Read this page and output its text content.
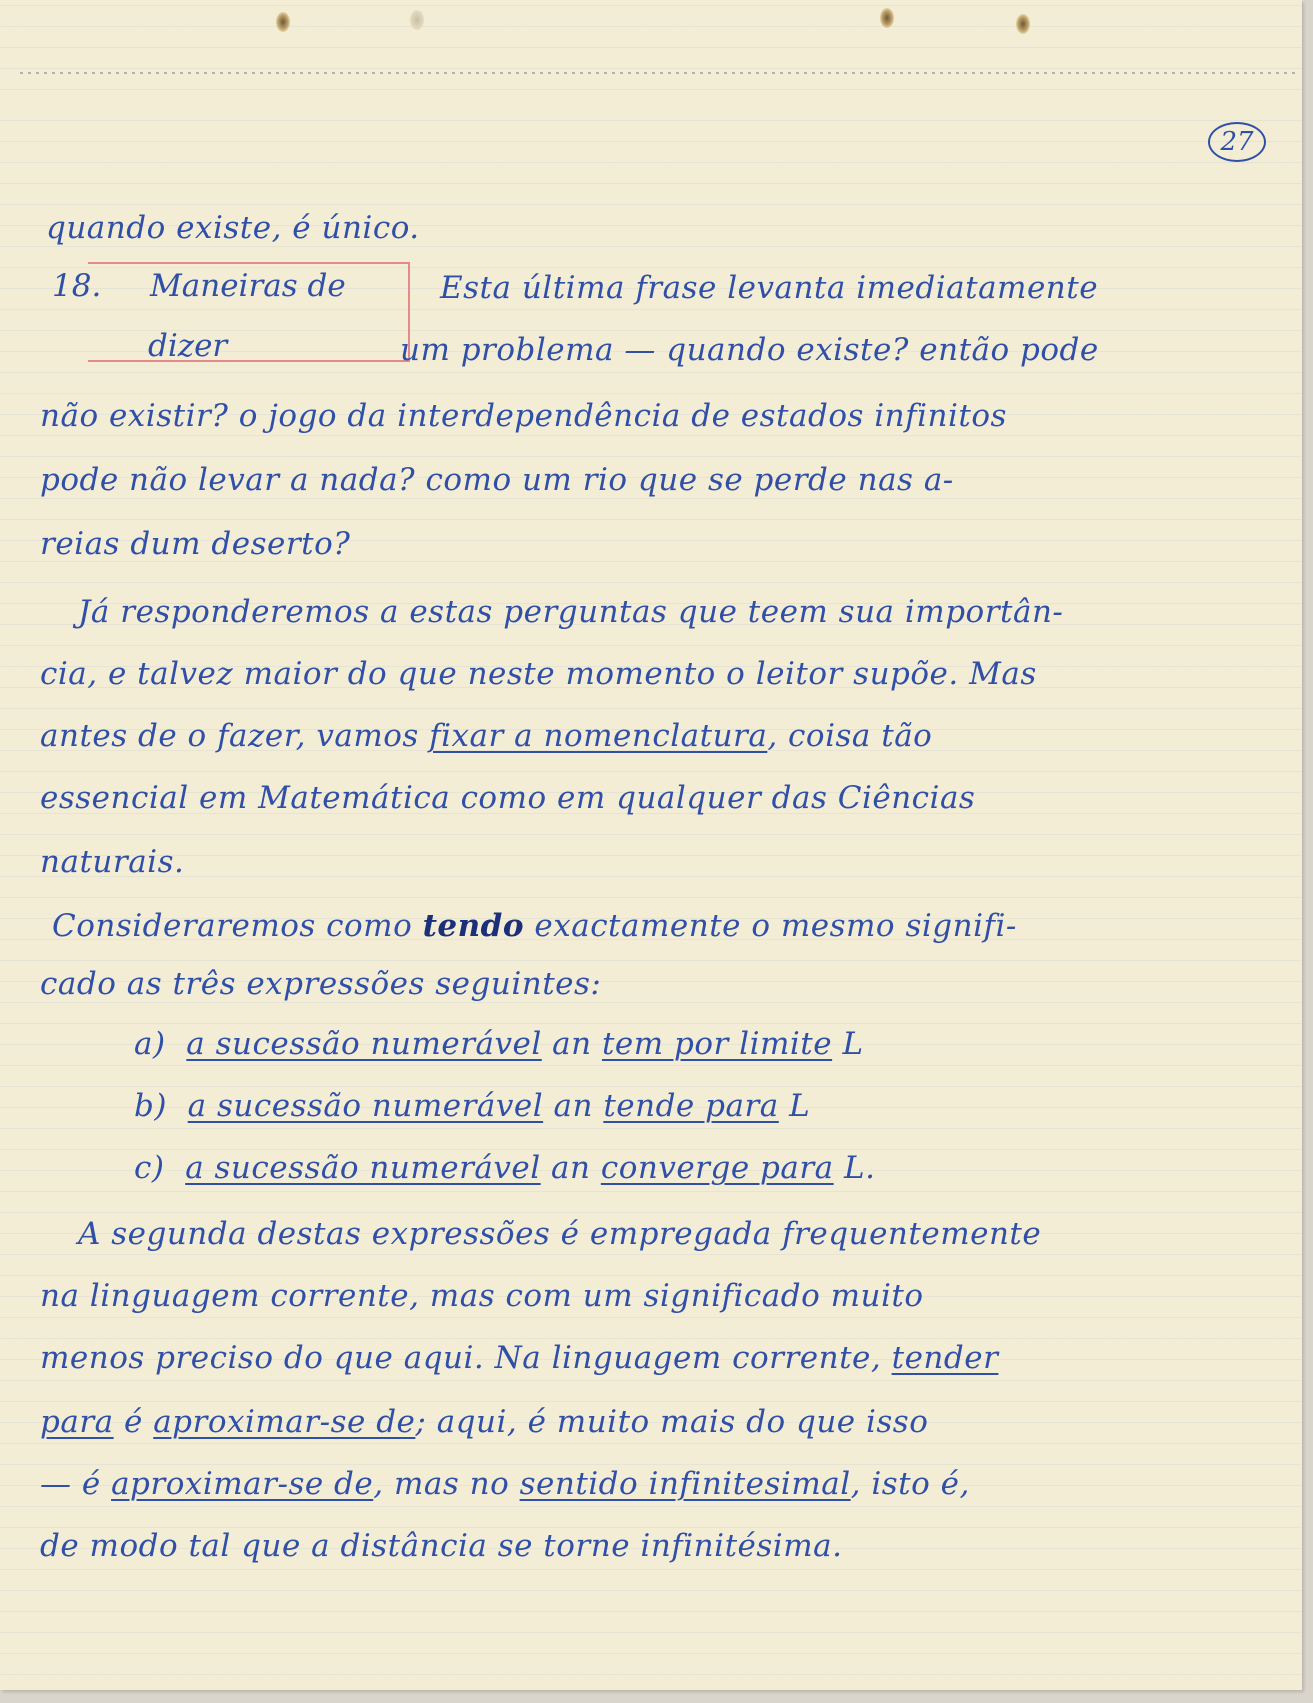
27
quando existe, é único.
18. Maneiras de
dizer
Esta última frase levanta imediatamente
um problema — quando existe? então pode
não existir? o jogo da interdependência de estados infinitos
pode não levar a nada? como um rio que se perde nas a-
reias dum deserto?
Já responderemos a estas perguntas que teem sua importân-
cia, e talvez maior do que neste momento o leitor supõe. Mas
antes de o fazer, vamos fixar a nomenclatura, coisa tão
essencial em Matemática como em qualquer das Ciências
naturais.
Consideraremos como tendo exactamente o mesmo signifi-
cado as três expressões seguintes:
a) a sucessão numerável an tem por limite L
b) a sucessão numerável an tende para L
c) a sucessão numerável an converge para L.
A segunda destas expressões é empregada frequentemente
na linguagem corrente, mas com um significado muito
menos preciso do que aqui. Na linguagem corrente, tender
para é aproximar-se de; aqui, é muito mais do que isso
— é aproximar-se de, mas no sentido infinitesimal, isto é,
de modo tal que a distância se torne infinitésima.
